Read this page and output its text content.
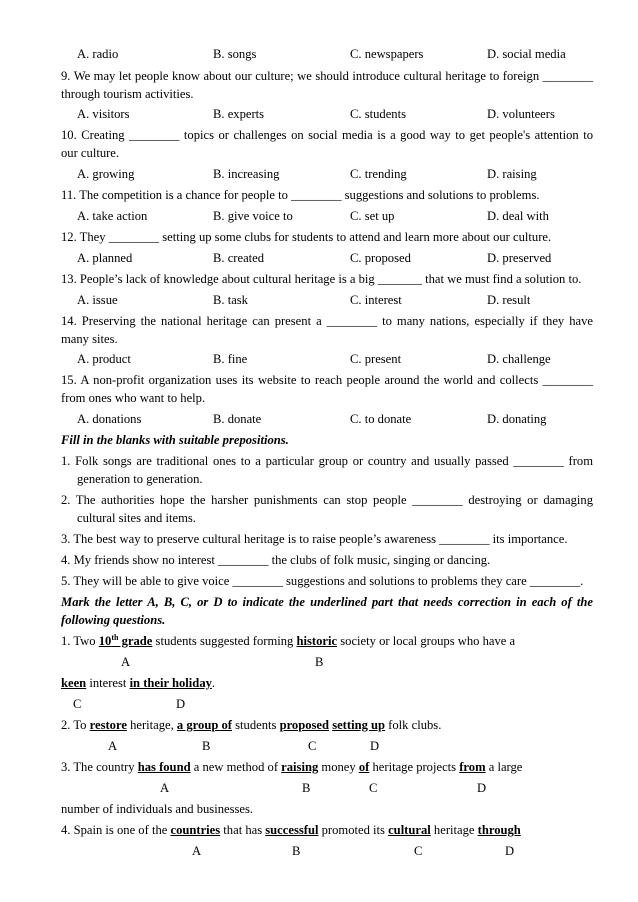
A. radio	B. songs	C. newspapers	D. social media
9. We may let people know about our culture; we should introduce cultural heritage to foreign ________
through tourism activities.
A. visitors	B. experts	C. students	D. volunteers
10. Creating ________ topics or challenges on social media is a good way to get people's attention to
our culture.
A. growing	B. increasing	C. trending	D. raising
11. The competition is a chance for people to ________ suggestions and solutions to problems.
A. take action	B. give voice to	C. set up	D. deal with
12. They ________ setting up some clubs for students to attend and learn more about our culture.
A. planned	B. created	C. proposed	D. preserved
13. People’s lack of knowledge about cultural heritage is a big _______ that we must find a solution to.
A. issue	B. task	C. interest	D. result
14. Preserving the national heritage can present a ________ to many nations, especially if they have
many sites.
A. product	B. fine	C. present	D. challenge
15. A non-profit organization uses its website to reach people around the world and collects ________
from ones who want to help.
A. donations	B. donate	C. to donate	D. donating
Fill in the blanks with suitable prepositions.
1. Folk songs are traditional ones to a particular group or country and usually passed ________ from
generation to generation.
2. The authorities hope the harsher punishments can stop people ________ destroying or damaging
cultural sites and items.
3. The best way to preserve cultural heritage is to raise people’s awareness ________ its importance.
4. My friends show no interest ________ the clubs of folk music, singing or dancing.
5. They will be able to give voice ________ suggestions and solutions to problems they care ________.
Mark the letter A, B, C, or D to indicate the underlined part that needs correction in each of the
following questions.
1. Two 10th grade students suggested forming historic society or local groups who have a
A	B
keen interest in their holiday.
C	D
2. To restore heritage, a group of students proposed setting up folk clubs.
A	B	C	D
3. The country has found a new method of raising money of heritage projects from a large
A	B	C	D
number of individuals and businesses.
4. Spain is one of the countries that has successful promoted its cultural heritage through
A	B	C	D
